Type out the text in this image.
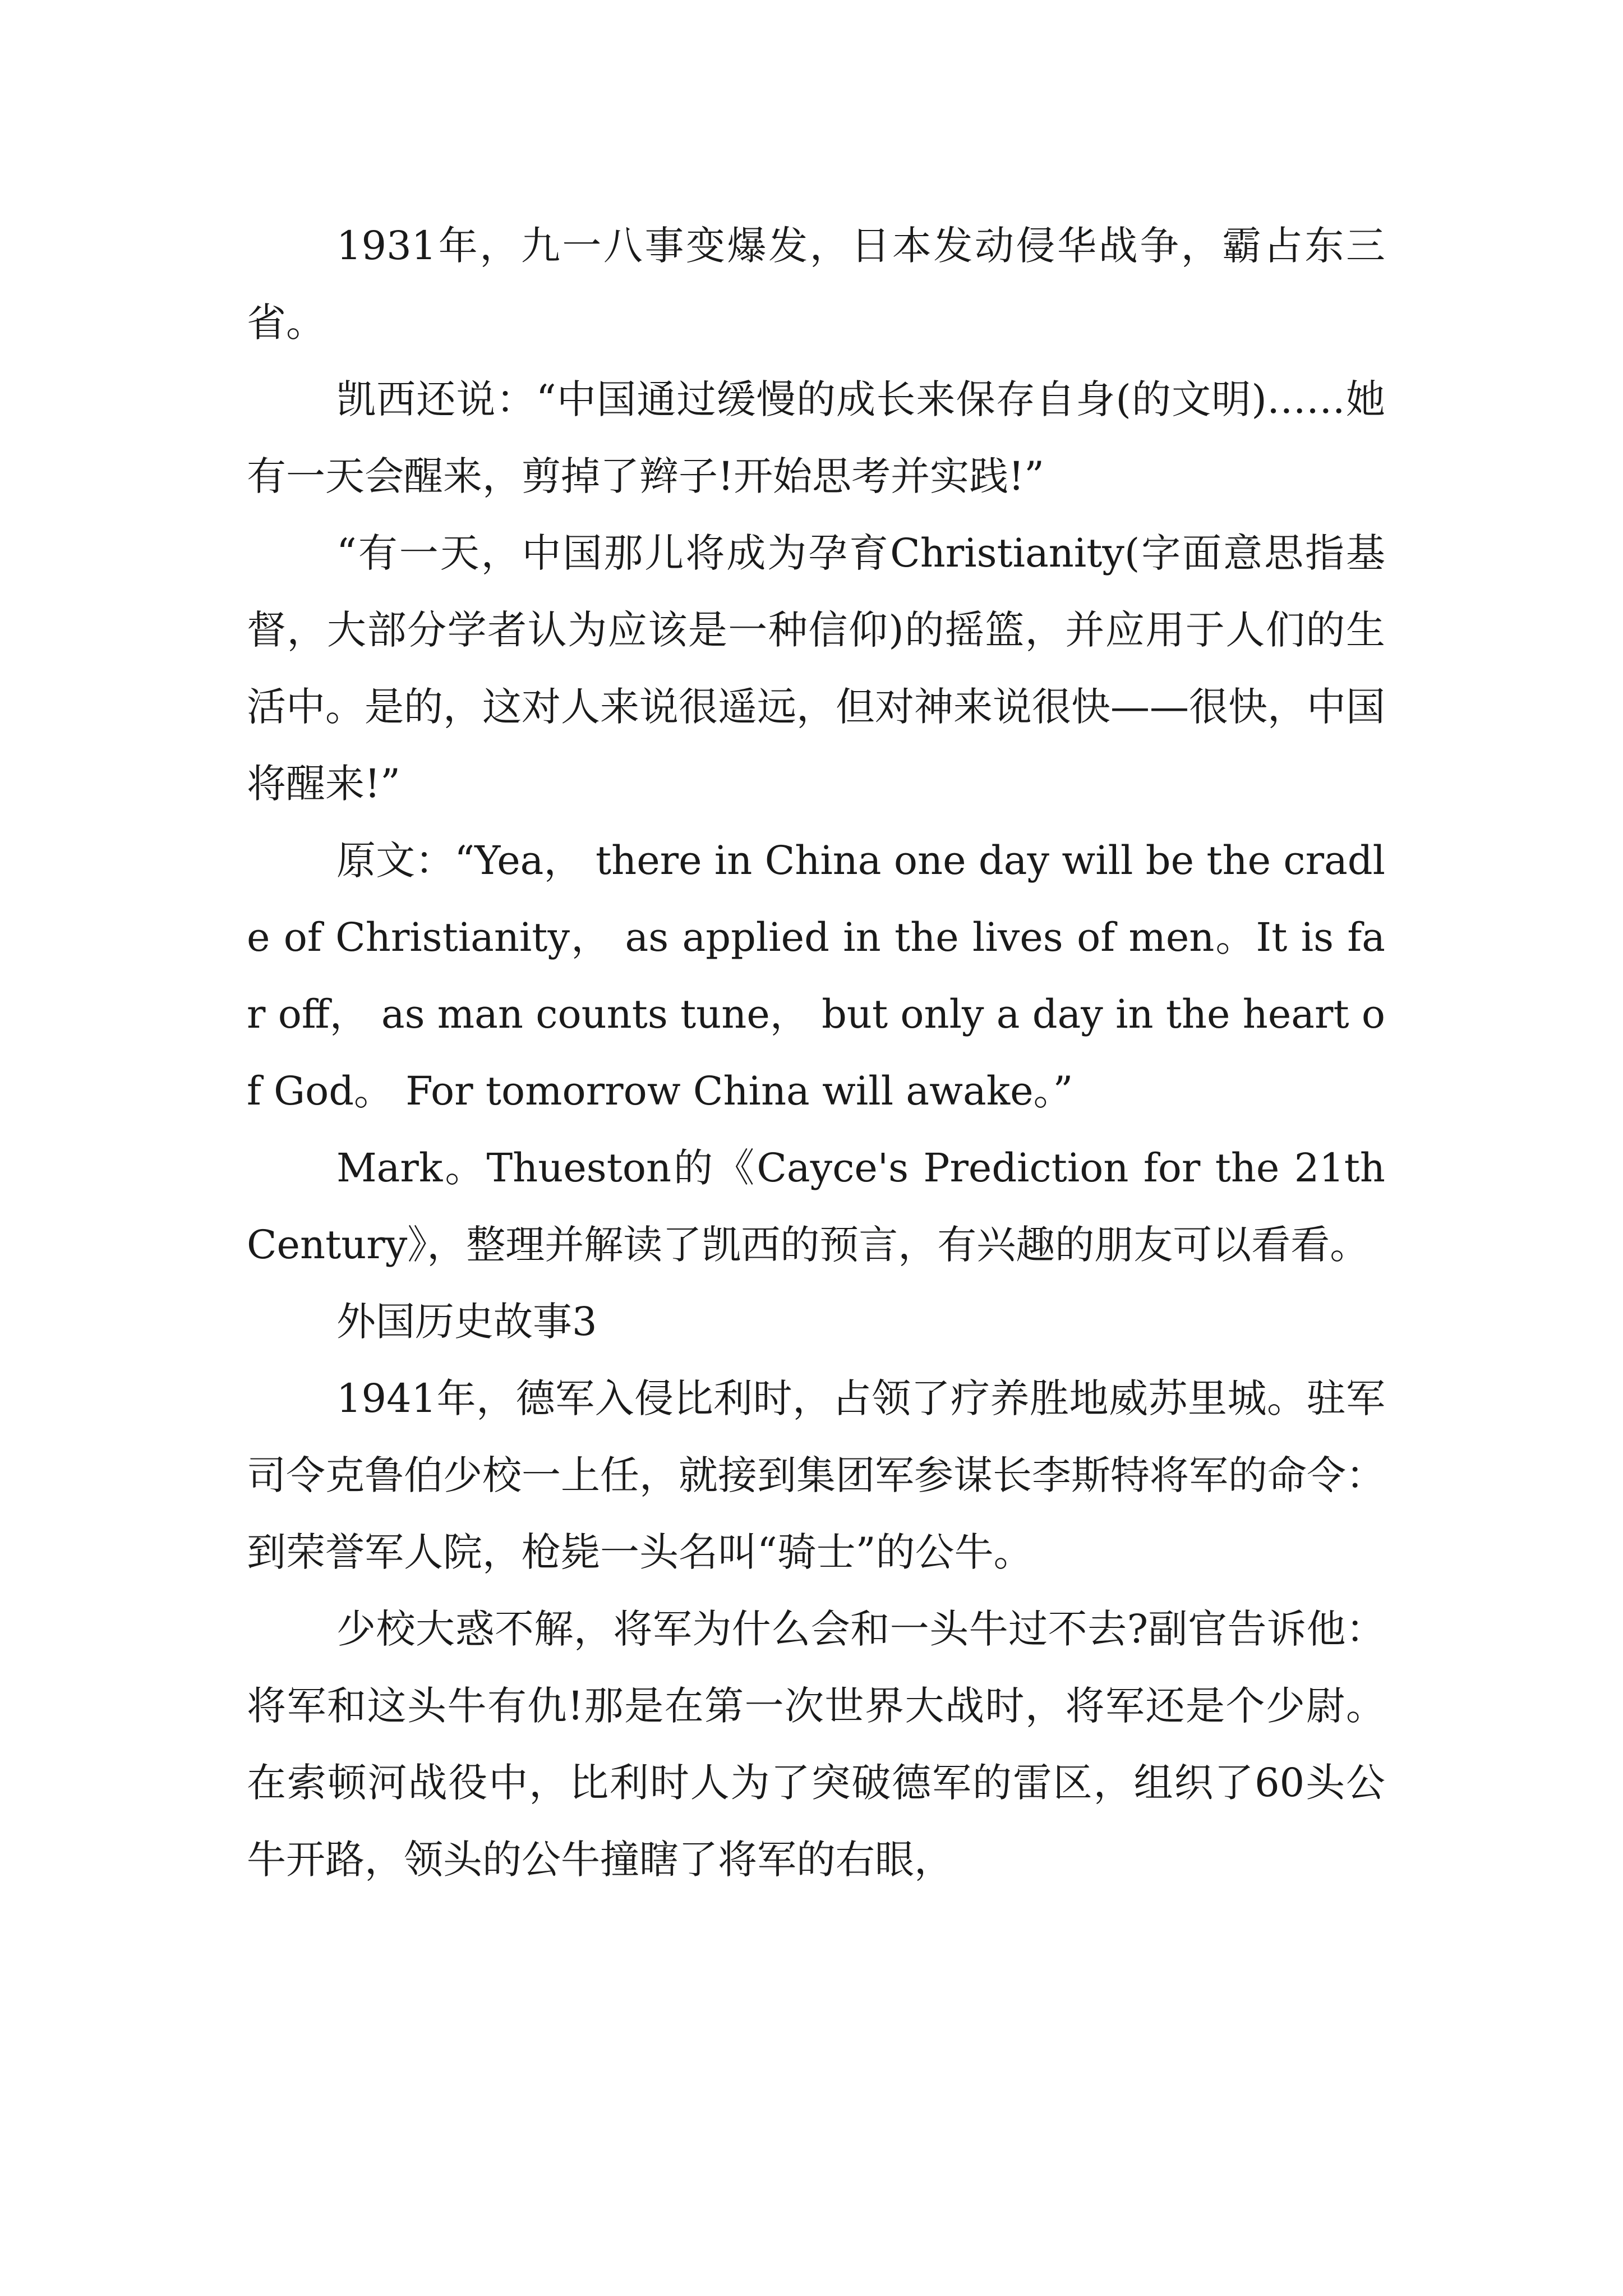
1931年，九一八事变爆发，日本发动侵华战争，霸占东三省。

凯西还说：“中国通过缓慢的成长来保存自身(的文明)……她有一天会醒来，剪掉了辫子!开始思考并实践!”

“有一天，中国那儿将成为孕育Christianity(字面意思指基督，大部分学者认为应该是一种信仰)的摇篮，并应用于人们的生活中。是的，这对人来说很遥远，但对神来说很快——很快，中国将醒来!”

原文：“Yea， there in China one day will be the cradle of Christianity， as applied in the lives of men。It is far off， as man counts tune， but only a day in the heart of God。 For tomorrow China will awake。”

Mark。Thueston的《Cayce's Prediction for the 21th Century》，整理并解读了凯西的预言，有兴趣的朋友可以看看。

外国历史故事3

1941年，德军入侵比利时，占领了疗养胜地威苏里城。驻军司令克鲁伯少校一上任，就接到集团军参谋长李斯特将军的命令：到荣誉军人院，枪毙一头名叫“骑士”的公牛。

少校大惑不解，将军为什么会和一头牛过不去?副官告诉他：将军和这头牛有仇!那是在第一次世界大战时，将军还是个少尉。在索顿河战役中，比利时人为了突破德军的雷区，组织了60头公牛开路，领头的公牛撞瞎了将军的右眼，
